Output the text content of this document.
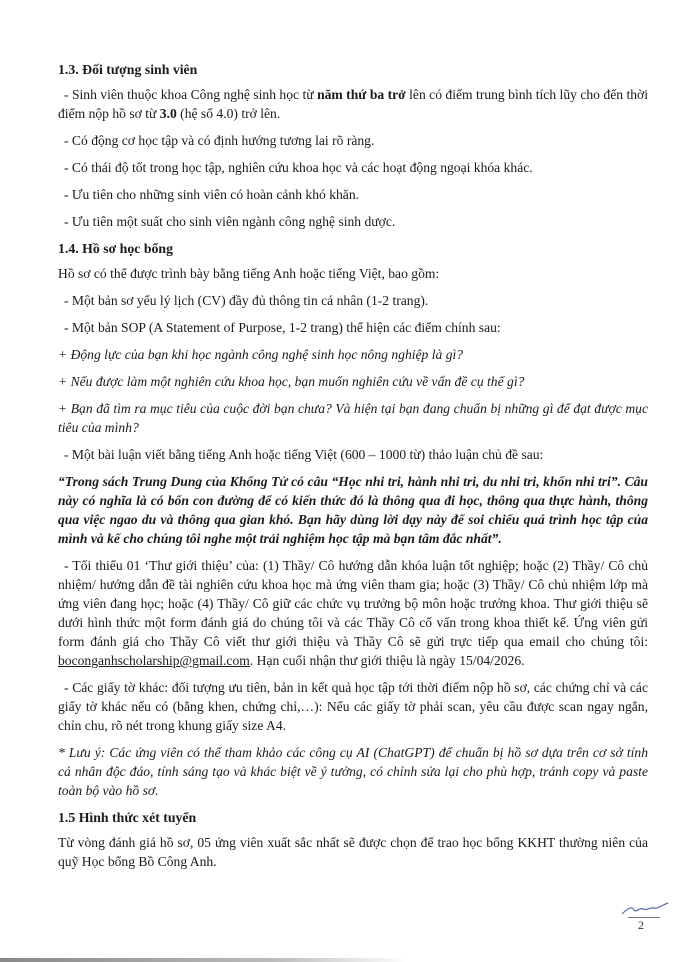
1.3. Đối tượng sinh viên
- Sinh viên thuộc khoa Công nghệ sinh học từ năm thứ ba trở lên có điểm trung bình tích lũy cho đến thời điểm nộp hồ sơ từ 3.0 (hệ số 4.0) trở lên.
- Có động cơ học tập và có định hướng tương lai rõ ràng.
- Có thái độ tốt trong học tập, nghiên cứu khoa học và các hoạt động ngoại khóa khác.
- Ưu tiên cho những sinh viên có hoàn cảnh khó khăn.
- Ưu tiên một suất cho sinh viên ngành công nghệ sinh dược.
1.4. Hồ sơ học bổng
Hồ sơ có thể được trình bày bằng tiếng Anh hoặc tiếng Việt, bao gồm:
- Một bản sơ yếu lý lịch (CV) đầy đủ thông tin cá nhân (1-2 trang).
- Một bản SOP (A Statement of Purpose, 1-2 trang) thể hiện các điểm chính sau:
+ Động lực của bạn khi học ngành công nghệ sinh học nông nghiệp là gì?
+ Nếu được làm một nghiên cứu khoa học, bạn muốn nghiên cứu về vấn đề cụ thể gì?
+ Bạn đã tìm ra mục tiêu của cuộc đời bạn chưa? Và hiện tại bạn đang chuẩn bị những gì để đạt được mục tiêu của mình?
- Một bài luận viết bằng tiếng Anh hoặc tiếng Việt (600 – 1000 từ) thảo luận chủ đề sau:
“Trong sách Trung Dung của Khổng Tử có câu “Học nhi tri, hành nhi tri, du nhi tri, khốn nhi tri”. Câu này có nghĩa là có bốn con đường để có kiến thức đó là thông qua đi học, thông qua thực hành, thông qua việc ngao du và thông qua gian khó. Bạn hãy dùng lời dạy này để soi chiếu quá trình học tập của mình và kể cho chúng tôi nghe một trải nghiệm học tập mà bạn tâm đắc nhất”.
- Tối thiểu 01 ‘Thư giới thiệu’ của: (1) Thầy/ Cô hướng dẫn khóa luận tốt nghiệp; hoặc (2) Thầy/ Cô chủ nhiệm/ hướng dẫn đề tài nghiên cứu khoa học mà ứng viên tham gia; hoặc (3) Thầy/ Cô chủ nhiệm lớp mà ứng viên đang học; hoặc (4) Thầy/ Cô giữ các chức vụ trưởng bộ môn hoặc trưởng khoa. Thư giới thiệu sẽ dưới hình thức một form đánh giá do chúng tôi và các Thầy Cô cố vấn trong khoa thiết kế. Ứng viên gửi form đánh giá cho Thầy Cô viết thư giới thiệu và Thầy Cô sẽ gửi trực tiếp qua email cho chúng tôi: boconganhscholarship@gmail.com. Hạn cuối nhận thư giới thiệu là ngày 15/04/2026.
- Các giấy tờ khác: đối tượng ưu tiên, bản in kết quả học tập tới thời điểm nộp hồ sơ, các chứng chỉ và các giấy tờ khác nếu có (bằng khen, chứng chỉ,…): Nếu các giấy tờ phải scan, yêu cầu được scan ngay ngắn, chỉn chu, rõ nét trong khung giấy size A4.
* Lưu ý: Các ứng viên có thể tham khảo các công cụ AI (ChatGPT) để chuẩn bị hồ sơ dựa trên cơ sở tính cá nhân độc đáo, tính sáng tạo và khác biệt về ý tưởng, có chỉnh sửa lại cho phù hợp, tránh copy và paste toàn bộ vào hồ sơ.
1.5 Hình thức xét tuyển
Từ vòng đánh giá hồ sơ, 05 ứng viên xuất sắc nhất sẽ được chọn để trao học bổng KKHT thường niên của quỹ Học bổng Bồ Công Anh.
2
